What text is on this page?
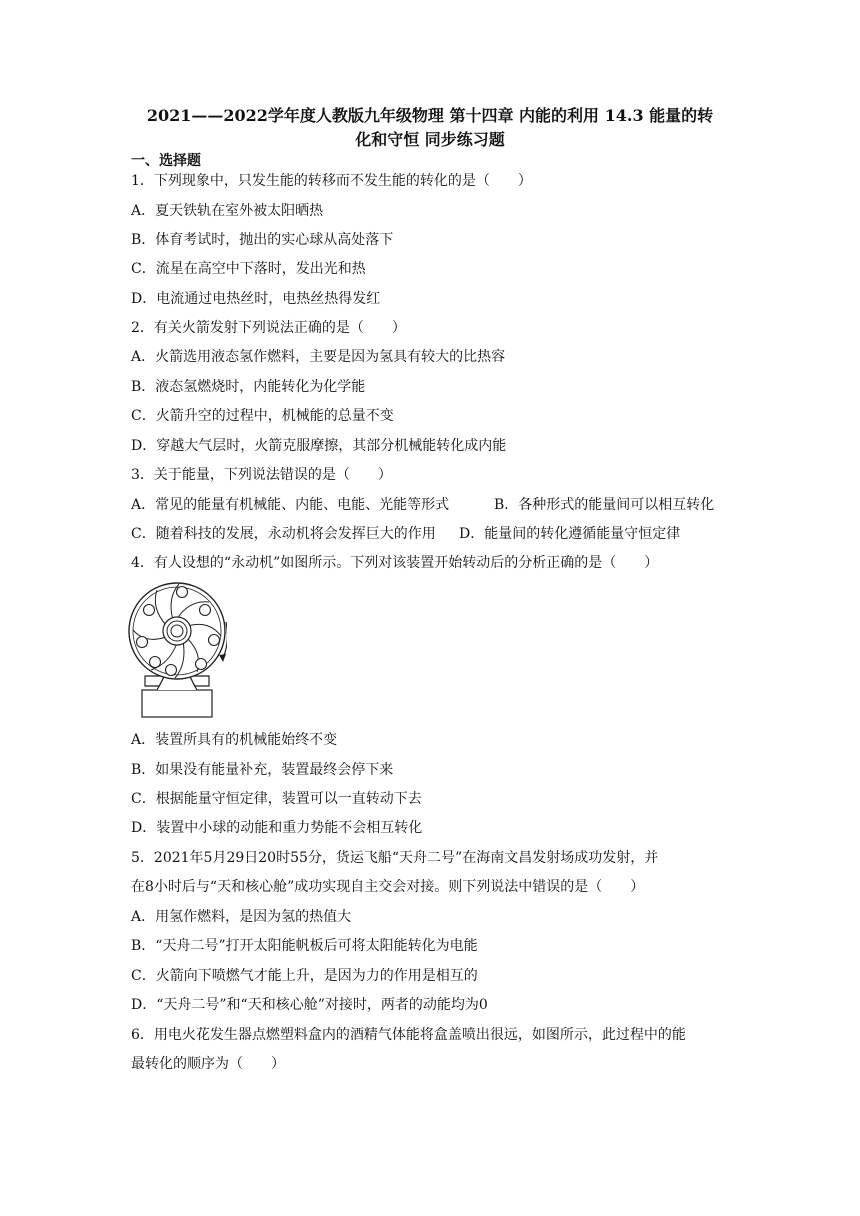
2021——2022学年度人教版九年级物理 第十四章 内能的利用 14.3 能量的转
化和守恒 同步练习题
一、选择题
1．下列现象中，只发生能的转移而不发生能的转化的是（　　）
A．夏天铁轨在室外被太阳晒热
B．体育考试时，抛出的实心球从高处落下
C．流星在高空中下落时，发出光和热
D．电流通过电热丝时，电热丝热得发红
2．有关火箭发射下列说法正确的是（　　）
A．火箭选用液态氢作燃料，主要是因为氢具有较大的比热容
B．液态氢燃烧时，内能转化为化学能
C．火箭升空的过程中，机械能的总量不变
D．穿越大气层时，火箭克服摩擦，其部分机械能转化成内能
3．关于能量，下列说法错误的是（　　）
A．常见的能量有机械能、内能、电能、光能等形式	B．各种形式的能量间可以相互转化
C．随着科技的发展，永动机将会发挥巨大的作用 D．能量间的转化遵循能量守恒定律
4．有人设想的“永动机”如图所示。下列对该装置开始转动后的分析正确的是（　　）
A．装置所具有的机械能始终不变
B．如果没有能量补充，装置最终会停下来
C．根据能量守恒定律，装置可以一直转动下去
D．装置中小球的动能和重力势能不会相互转化
5．2021年5月29日20时55分，货运飞船“天舟二号”在海南文昌发射场成功发射，并
在8小时后与“天和核心舱”成功实现自主交会对接。则下列说法中错误的是（　　）
A．用氢作燃料，是因为氢的热值大
B．“天舟二号”打开太阳能帆板后可将太阳能转化为电能
C．火箭向下喷燃气才能上升，是因为力的作用是相互的
D．“天舟二号”和“天和核心舱”对接时，两者的动能均为0
6．用电火花发生器点燃塑料盒内的酒精气体能将盒盖喷出很远，如图所示，此过程中的能
最转化的顺序为（　　）
